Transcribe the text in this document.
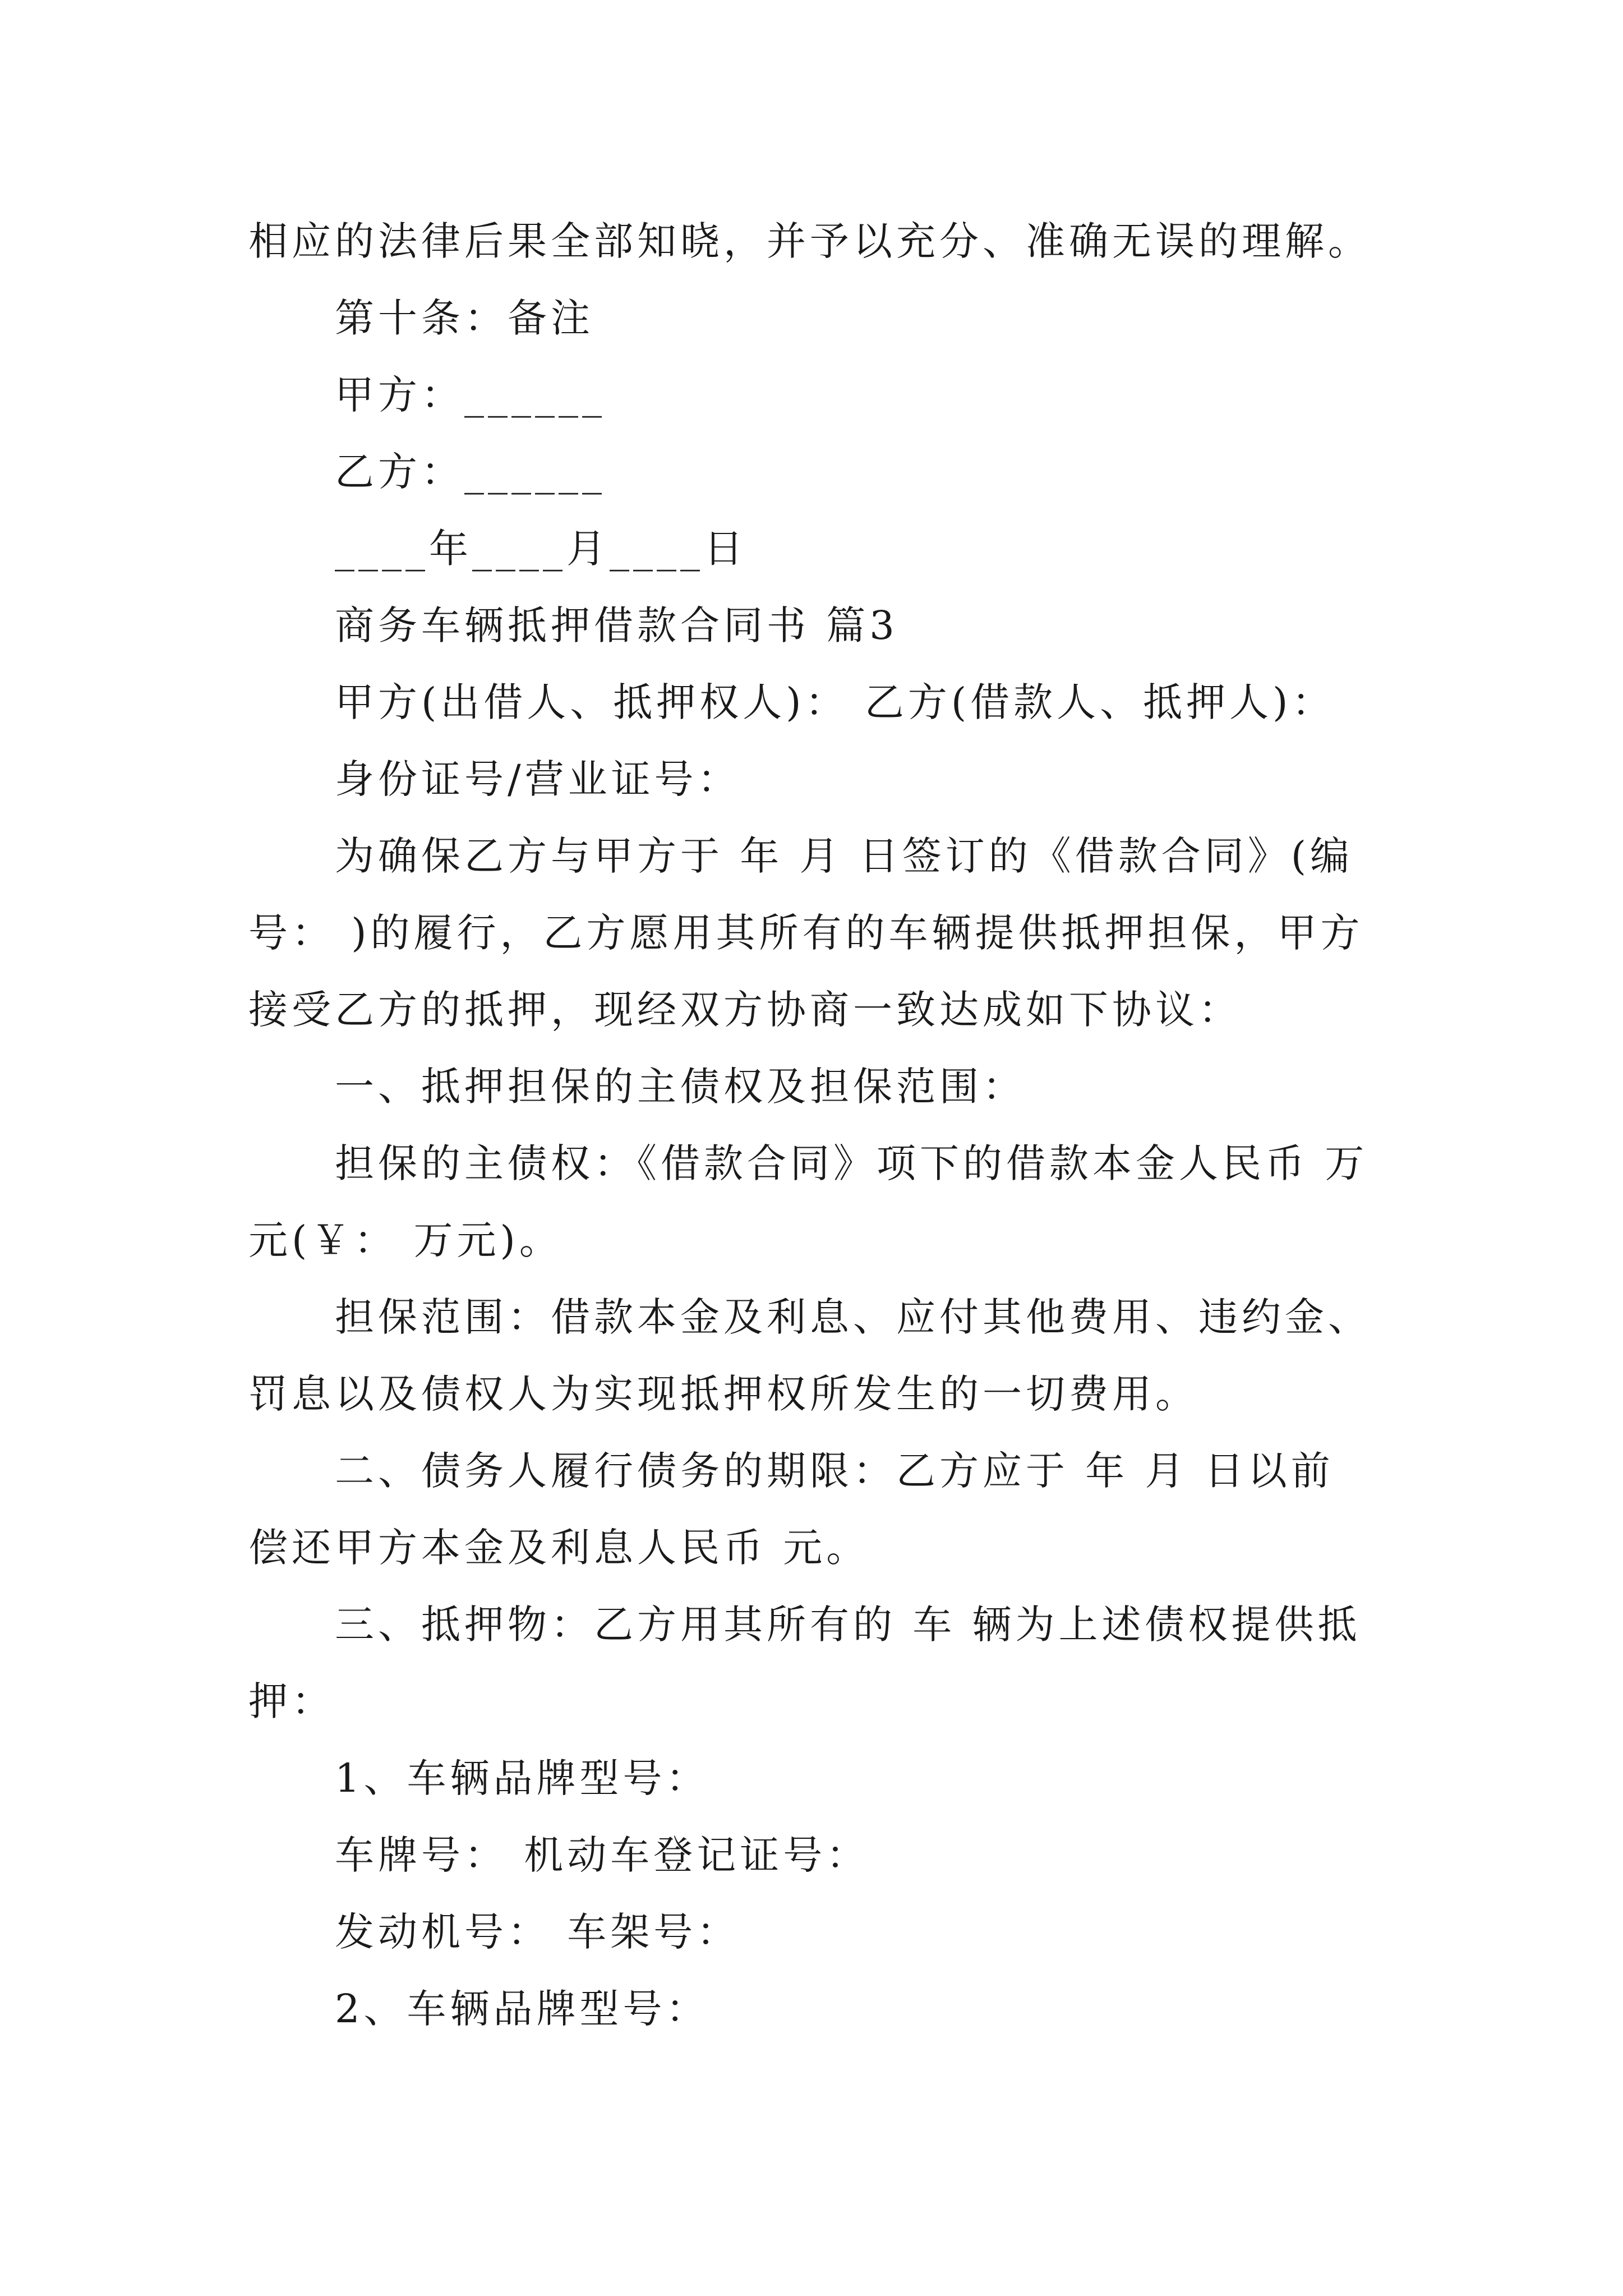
相应的法律后果全部知晓，并予以充分、准确无误的理解。
第十条：备注
甲方：______
乙方：______
____年____月____日
商务车辆抵押借款合同书 篇3
甲方(出借人、抵押权人)： 乙方(借款人、抵押人)：
身份证号/营业证号：
为确保乙方与甲方于 年 月 日签订的《借款合同》(编
号： )的履行，乙方愿用其所有的车辆提供抵押担保，甲方
接受乙方的抵押，现经双方协商一致达成如下协议：
一、抵押担保的主债权及担保范围：
担保的主债权：《借款合同》项下的借款本金人民币 万
元(￥： 万元)。
担保范围：借款本金及利息、应付其他费用、违约金、
罚息以及债权人为实现抵押权所发生的一切费用。
二、债务人履行债务的期限：乙方应于 年 月 日以前
偿还甲方本金及利息人民币 元。
三、抵押物：乙方用其所有的 车 辆为上述债权提供抵
押：
1、车辆品牌型号：
车牌号： 机动车登记证号：
发动机号： 车架号：
2、车辆品牌型号：
